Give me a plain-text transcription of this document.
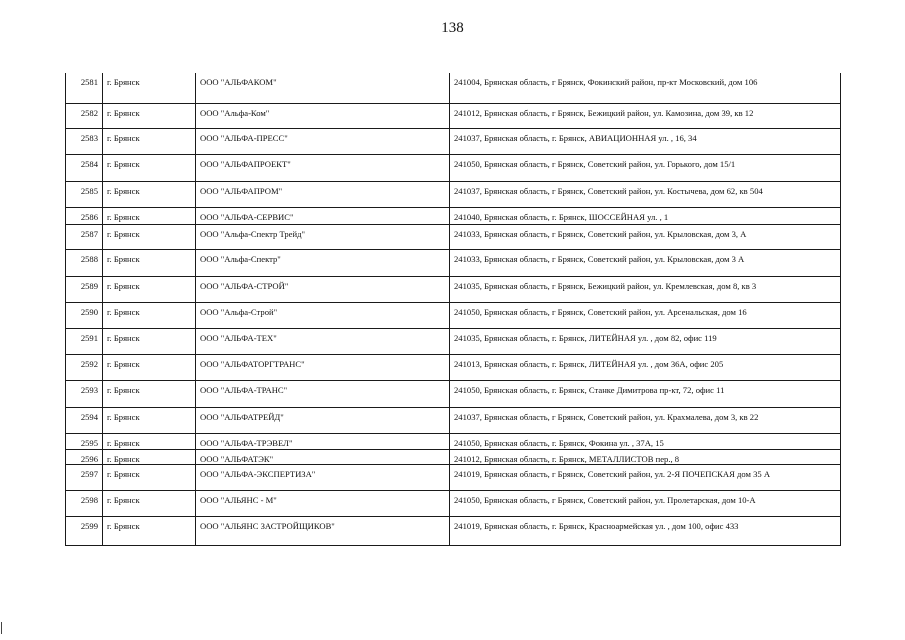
138
2581	г. Брянск	ООО "АЛЬФАКОМ"	241004, Брянская область, г Брянск, Фокинский район, пр-кт Московский, дом 106
2582	г. Брянск	ООО "Альфа-Ком"	241012, Брянская область, г Брянск, Бежицкий район, ул. Камозина, дом 39, кв 12
2583	г. Брянск	ООО "АЛЬФА-ПРЕСС"	241037, Брянская область, г. Брянск, АВИАЦИОННАЯ ул. , 16, 34
2584	г. Брянск	ООО "АЛЬФАПРОЕКТ"	241050, Брянская область, г Брянск, Советский район, ул. Горького, дом 15/1
2585	г. Брянск	ООО "АЛЬФАПРОМ"	241037, Брянская область, г Брянск, Советский район, ул. Костычева, дом 62, кв 504
2586	г. Брянск	ООО "АЛЬФА-СЕРВИС"	241040, Брянская область, г. Брянск, ШОССЕЙНАЯ ул. , 1
2587	г. Брянск	ООО "Альфа-Спектр Трейд"	241033, Брянская область, г Брянск, Советский район, ул. Крыловская, дом 3, А
2588	г. Брянск	ООО "Альфа-Спектр"	241033, Брянская область, г Брянск, Советский район, ул. Крыловская, дом 3 А
2589	г. Брянск	ООО "АЛЬФА-СТРОЙ"	241035, Брянская область, г Брянск, Бежицкий район, ул. Кремлевская, дом 8, кв 3
2590	г. Брянск	ООО "Альфа-Строй"	241050, Брянская область, г Брянск, Советский район, ул. Арсенальская, дом 16
2591	г. Брянск	ООО "АЛЬФА-ТЕХ"	241035, Брянская область, г. Брянск, ЛИТЕЙНАЯ ул. , дом 82, офис 119
2592	г. Брянск	ООО "АЛЬФАТОРГТРАНС"	241013, Брянская область, г. Брянск, ЛИТЕЙНАЯ ул. , дом 36А, офис 205
2593	г. Брянск	ООО "АЛЬФА-ТРАНС"	241050, Брянская область, г. Брянск, Станке Димитрова пр-кт, 72, офис 11
2594	г. Брянск	ООО "АЛЬФАТРЕЙД"	241037, Брянская область, г Брянск, Советский район, ул. Крахмалева, дом 3, кв 22
2595	г. Брянск	ООО "АЛЬФА-ТРЭВЕЛ"	241050, Брянская область, г. Брянск, Фокина ул. , 37А, 15
2596	г. Брянск	ООО "АЛЬФАТЭК"	241012, Брянская область, г. Брянск, МЕТАЛЛИСТОВ пер., 8
2597	г. Брянск	ООО "АЛЬФА-ЭКСПЕРТИЗА"	241019, Брянская область, г Брянск, Советский район, ул. 2-Я ПОЧЕПСКАЯ дом 35 А
2598	г. Брянск	ООО "АЛЬЯНС - М"	241050, Брянская область, г Брянск, Советский район, ул. Пролетарская, дом 10-А
2599	г. Брянск	ООО "АЛЬЯНС ЗАСТРОЙЩИКОВ"	241019, Брянская область, г. Брянск, Красноармейская ул. , дом 100, офис 433
